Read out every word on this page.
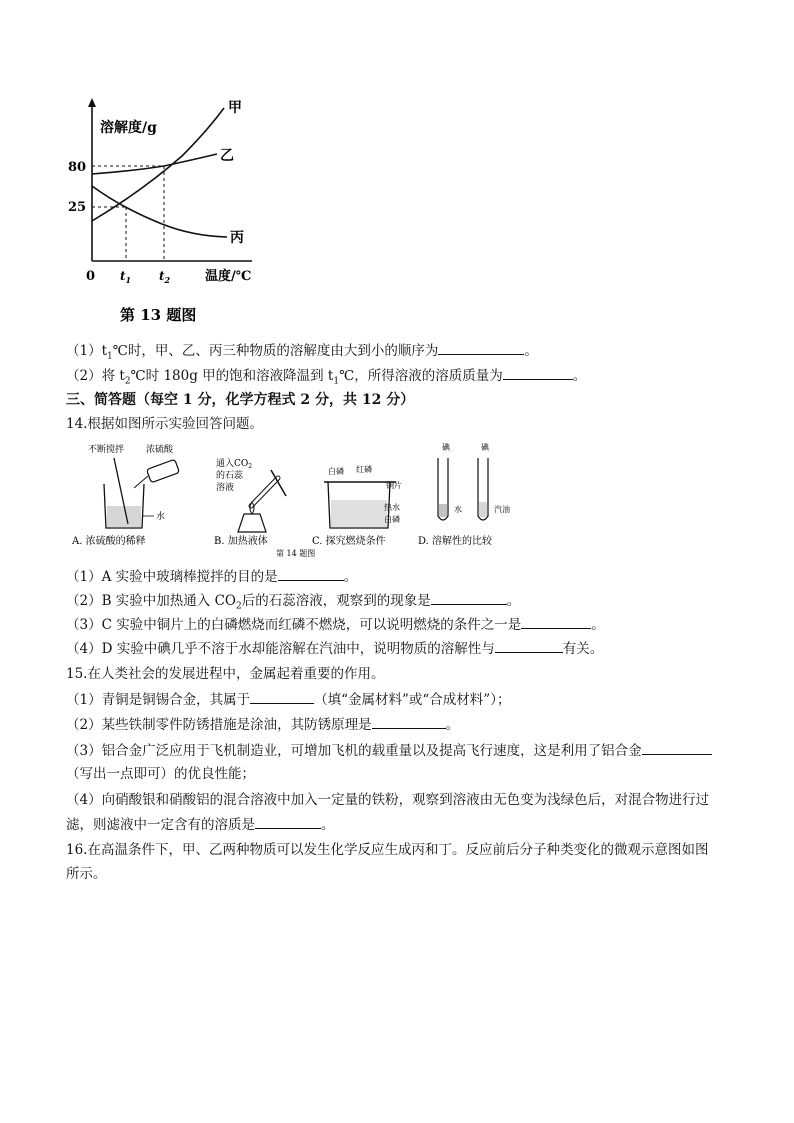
溶解度/g
80
25
0 $t_1$ $t_2$	温度/℃
甲
乙
丙
第 13 题图
$(1)t_1℃$时，甲、乙、丙三种物质的溶解度由大到小的顺序为	。
（2）将 $t_2℃$时 180g 甲的饱和溶液降温到 $t_1℃$，所得溶液的溶质质量为	。
三、简答题（每空 1 分，化学方程式 2 分，共 12 分）
14.根据如图所示实验回答问题。
不断搅拌 浓硫酸
水
A. 浓硫酸的稀释
通入$CO_2$
的石蕊
溶液
B. 加热液体
白磷 红磷
铜片
热水
白磷
C. 探究燃烧条件
碘	碘
水	汽油
D. 溶解性的比较
第 14 题图
（1）A 实验中玻璃棒搅拌的目的是	。
（2）B 实验中加热通入 $CO_2$后的石蕊溶液，观察到的现象是	。
（3）C 实验中铜片上的白磷燃烧而红磷不燃烧，可以说明燃烧的条件之一是	。
（4）D 实验中碘几乎不溶于水却能溶解在汽油中，说明物质的溶解性与	有关。
15.在人类社会的发展进程中，金属起着重要的作用。
（1）青铜是铜锡合金，其属于	（填“金属材料”或“合成材料”）；
（2）某些铁制零件防锈措施是涂油，其防锈原理是	。
（3）铝合金广泛应用于飞机制造业，可增加飞机的载重量以及提高飞行速度，这是利用了铝合金
（写出一点即可）的优良性能；
（4）向硝酸银和硝酸铝的混合溶液中加入一定量的铁粉，观察到溶液由无色变为浅绿色后，对混合物进行过
滤，则滤液中一定含有的溶质是	。
16.在高温条件下，甲、乙两种物质可以发生化学反应生成丙和丁。反应前后分子种类变化的微观示意图如图
所示。
